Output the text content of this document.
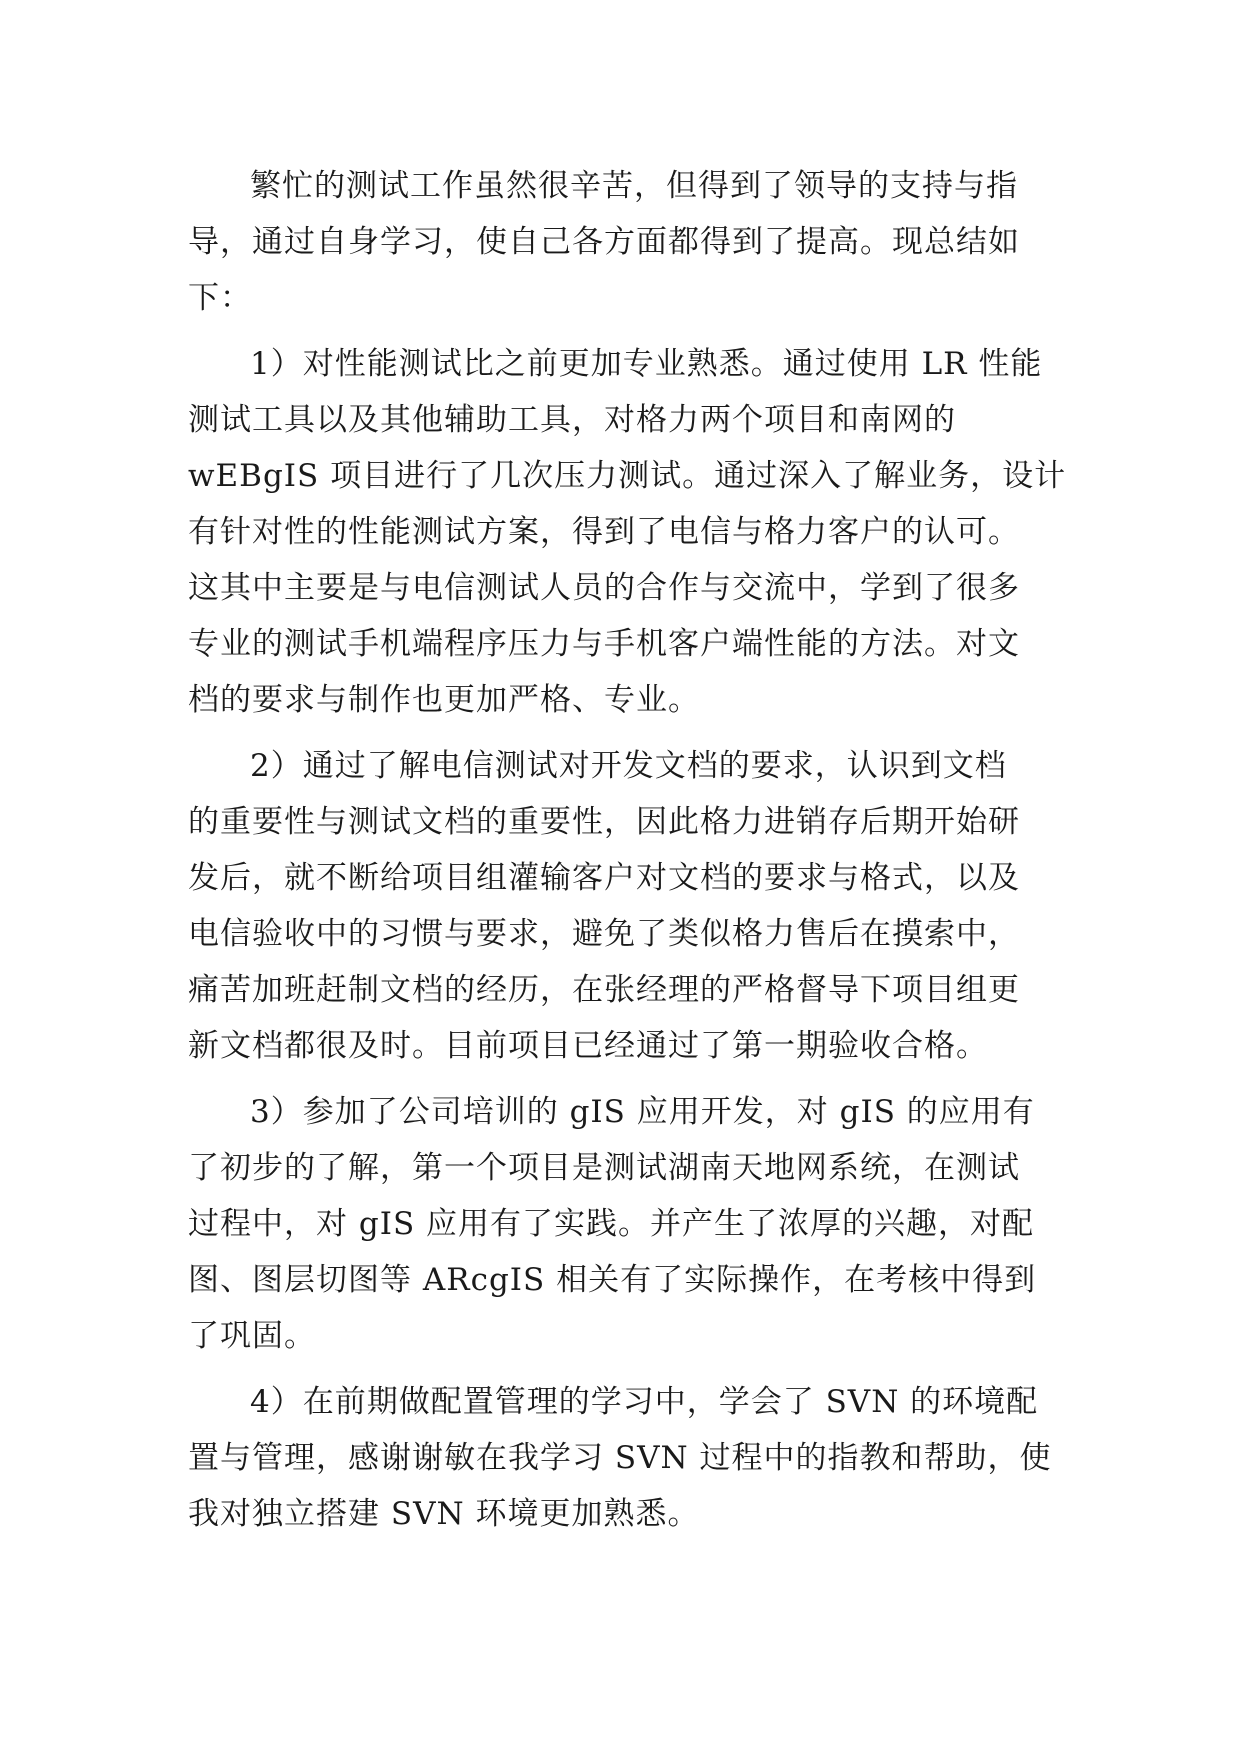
繁忙的测试工作虽然很辛苦，但得到了领导的支持与指
导，通过自身学习，使自己各方面都得到了提高。现总结如
下：
1）对性能测试比之前更加专业熟悉。通过使用 LR 性能
测试工具以及其他辅助工具，对格力两个项目和南网的
wEBgIS 项目进行了几次压力测试。通过深入了解业务，设计
有针对性的性能测试方案，得到了电信与格力客户的认可。
这其中主要是与电信测试人员的合作与交流中，学到了很多
专业的测试手机端程序压力与手机客户端性能的方法。对文
档的要求与制作也更加严格、专业。
2）通过了解电信测试对开发文档的要求，认识到文档
的重要性与测试文档的重要性，因此格力进销存后期开始研
发后，就不断给项目组灌输客户对文档的要求与格式，以及
电信验收中的习惯与要求，避免了类似格力售后在摸索中，
痛苦加班赶制文档的经历，在张经理的严格督导下项目组更
新文档都很及时。目前项目已经通过了第一期验收合格。
3）参加了公司培训的 gIS 应用开发，对 gIS 的应用有
了初步的了解，第一个项目是测试湖南天地网系统，在测试
过程中，对 gIS 应用有了实践。并产生了浓厚的兴趣，对配
图、图层切图等 ARcgIS 相关有了实际操作，在考核中得到
了巩固。
4）在前期做配置管理的学习中，学会了 SVN 的环境配
置与管理，感谢谢敏在我学习 SVN 过程中的指教和帮助，使
我对独立搭建 SVN 环境更加熟悉。
